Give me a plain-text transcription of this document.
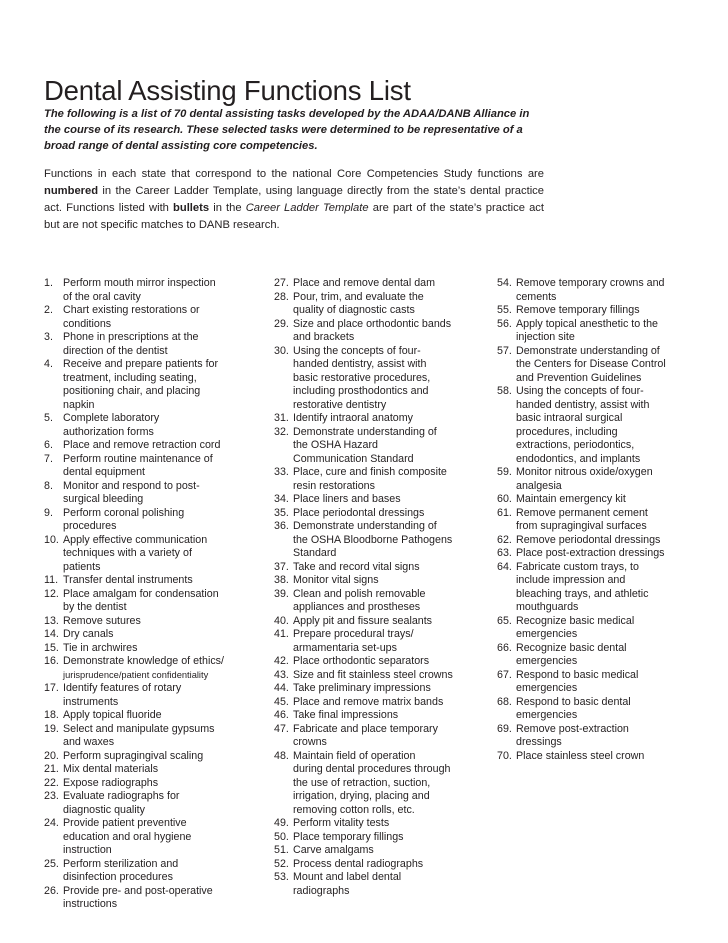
Dental Assisting Functions List

The following is a list of 70 dental assisting tasks developed by the ADAA/DANB Alliance in the course of its research. These selected tasks were determined to be representative of a broad range of dental assisting core competencies.

Functions in each state that correspond to the national Core Competencies Study functions are numbered in the Career Ladder Template, using language directly from the state’s dental practice act. Functions listed with bullets in the Career Ladder Template are part of the state’s practice act but are not specific matches to DANB research.

1. Perform mouth mirror inspection
of the oral cavity
2. Chart existing restorations or
conditions
3. Phone in prescriptions at the
direction of the dentist
4. Receive and prepare patients for
treatment, including seating,
positioning chair, and placing
napkin
5. Complete laboratory
authorization forms
6. Place and remove retraction cord
7. Perform routine maintenance of
dental equipment
8. Monitor and respond to post-
surgical bleeding
9. Perform coronal polishing
procedures
10. Apply effective communication
techniques with a variety of
patients
11. Transfer dental instruments
12. Place amalgam for condensation
by the dentist
13. Remove sutures
14. Dry canals
15. Tie in archwires
16. Demonstrate knowledge of ethics/
jurisprudence/patient confidentiality
17. Identify features of rotary
instruments
18. Apply topical fluoride
19. Select and manipulate gypsums
and waxes
20. Perform supragingival scaling
21. Mix dental materials
22. Expose radiographs
23. Evaluate radiographs for
diagnostic quality
24. Provide patient preventive
education and oral hygiene
instruction
25. Perform sterilization and
disinfection procedures
26. Provide pre- and post-operative
instructions
27. Place and remove dental dam
28. Pour, trim, and evaluate the
quality of diagnostic casts
29. Size and place orthodontic bands
and brackets
30. Using the concepts of four-
handed dentistry, assist with
basic restorative procedures,
including prosthodontics and
restorative dentistry
31. Identify intraoral anatomy
32. Demonstrate understanding of
the OSHA Hazard
Communication Standard
33. Place, cure and finish composite
resin restorations
34. Place liners and bases
35. Place periodontal dressings
36. Demonstrate understanding of
the OSHA Bloodborne Pathogens
Standard
37. Take and record vital signs
38. Monitor vital signs
39. Clean and polish removable
appliances and prostheses
40. Apply pit and fissure sealants
41. Prepare procedural trays/
armamentaria set-ups
42. Place orthodontic separators
43. Size and fit stainless steel crowns
44. Take preliminary impressions
45. Place and remove matrix bands
46. Take final impressions
47. Fabricate and place temporary
crowns
48. Maintain field of operation
during dental procedures through
the use of retraction, suction,
irrigation, drying, placing and
removing cotton rolls, etc.
49. Perform vitality tests
50. Place temporary fillings
51. Carve amalgams
52. Process dental radiographs
53. Mount and label dental
radiographs
54. Remove temporary crowns and
cements
55. Remove temporary fillings
56. Apply topical anesthetic to the
injection site
57. Demonstrate understanding of
the Centers for Disease Control
and Prevention Guidelines
58. Using the concepts of four-
handed dentistry, assist with
basic intraoral surgical
procedures, including
extractions, periodontics,
endodontics, and implants
59. Monitor nitrous oxide/oxygen
analgesia
60. Maintain emergency kit
61. Remove permanent cement
from supragingival surfaces
62. Remove periodontal dressings
63. Place post-extraction dressings
64. Fabricate custom trays, to
include impression and
bleaching trays, and athletic
mouthguards
65. Recognize basic medical
emergencies
66. Recognize basic dental
emergencies
67. Respond to basic medical
emergencies
68. Respond to basic dental
emergencies
69. Remove post-extraction
dressings
70. Place stainless steel crown
